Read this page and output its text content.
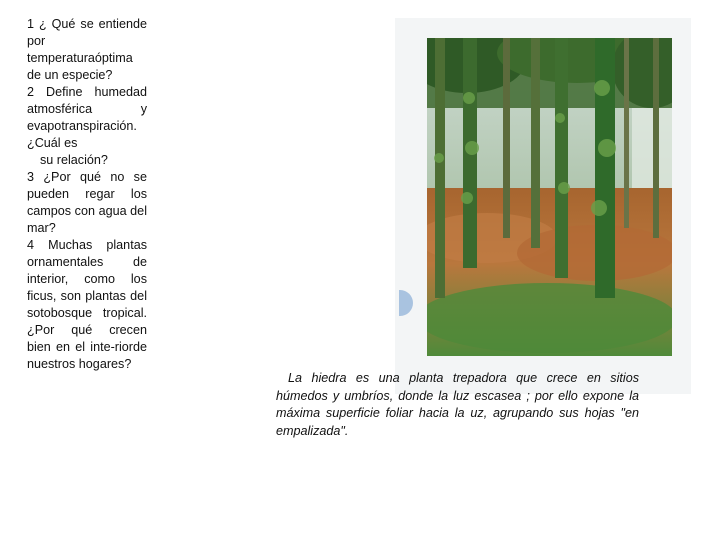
1 ¿ Qué se entiende por temperaturaóptima de un especie?

2 Define humedad atmosférica y evapotranspiración. ¿Cuál es

su relación?

3 ¿Por qué no se pueden regar los campos con agua del mar?

4 Muchas plantas ornamentales de interior, como los ficus, son plantas del sotobosque tropical. ¿Por qué crecen bien en el inte-riorde nuestros hogares?

La hiedra es una planta trepadora que crece en sitios húmedos y umbríos, donde la luz escasea ; por ello expone la máxima superficie foliar hacia la uz, agrupando sus hojas "en empalizada".
